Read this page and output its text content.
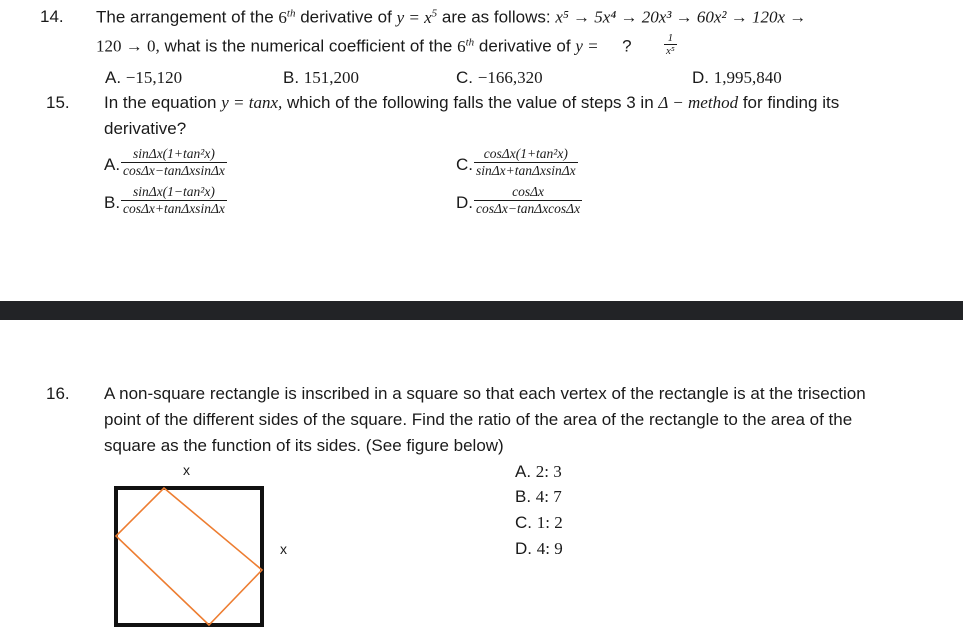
14. The arrangement of the 6th derivative of $y = x^5$ are as follows: x⁵ → 5x⁴ → 20x³ → 60x² → 120x →
120 → 0, what is the numerical coefficient of the 6th derivative of y = ?	$\frac{1}{\text{x⁵}}$
A. −15,120	B. 151,200	C. −166,320	D. 1,995,840
15. In the equation y = tanx, which of the following falls the value of steps 3 in Δ − method for finding its
derivative?
A. $\frac{\text{sinΔx(1+tan²x)}}{\cos\Delta x-\tan\Delta xsin\Delta x}$
B. $\frac{\text{sinΔx(1−tan²x)}}{\cos\Delta x+\tan\Delta xsin\Delta x}$
C. $\frac{\text{cosΔx(1+tan²x)}}{\sin\Delta x+\tan\Delta xsin\Delta x}$
D. $\frac{\cos\Delta x}{\cos\Delta x-\tan\Delta xcos\Delta x}$
16. A non-square rectangle is inscribed in a square so that each vertex of the rectangle is at the trisection
point of the different sides of the square. Find the ratio of the area of the rectangle to the area of the
square as the function of its sides. (See figure below)
x
x
A. 2: 3
B. 4: 7
C. 1: 2
D. 4: 9
